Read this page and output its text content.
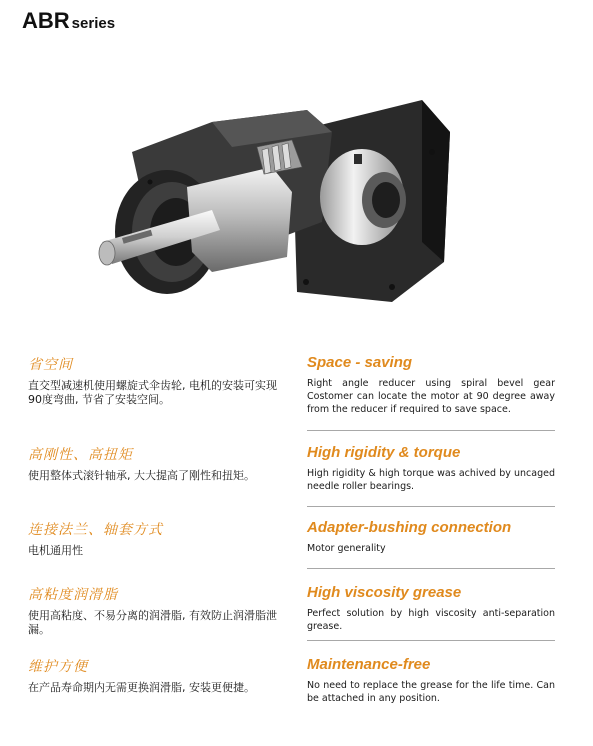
ABR series
省空间

直交型减速机使用螺旋式伞齿轮, 电机的安装可实现90度弯曲, 节省了安装空间。

Space - saving

Right angle reducer using spiral bevel gear Costomer can locate the motor at 90 degree away from the reducer if required to save space.

高刚性、高扭矩

使用整体式滚针轴承, 大大提高了刚性和扭矩。

High rigidity & torque

High rigidity & high torque was achived by uncaged needle roller bearings.

连接法兰、轴套方式

电机通用性

Adapter-bushing connection

Motor generality

高粘度润滑脂

使用高粘度、不易分离的润滑脂, 有效防止润滑脂泄漏。

High viscosity grease

Perfect solution by high viscosity anti-separation grease.

维护方便

在产品寿命期内无需更换润滑脂, 安装更便捷。

Maintenance-free

No need to replace the grease for the life time. Can be attached in any position.
